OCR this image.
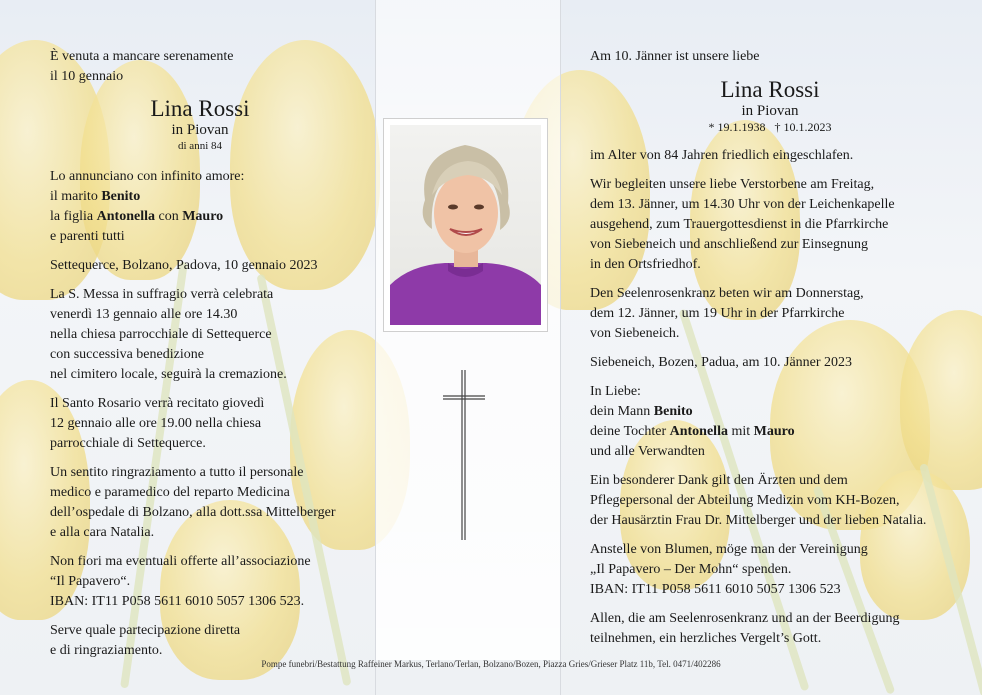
È venuta a mancare serenamente
il 10 gennaio
Lina Rossi
in Piovan
di anni 84

Lo annunciano con infinito amore:
il marito Benito
la figlia Antonella con Mauro
e parenti tutti

Settequerce, Bolzano, Padova, 10 gennaio 2023

La S. Messa in suffragio verrà celebrata
venerdì 13 gennaio alle ore 14.30
nella chiesa parrocchiale di Settequerce
con successiva benedizione
nel cimitero locale, seguirà la cremazione.

Il Santo Rosario verrà recitato giovedì
12 gennaio alle ore 19.00 nella chiesa
parrocchiale di Settequerce.

Un sentito ringraziamento a tutto il personale
medico e paramedico del reparto Medicina
dell’ospedale di Bolzano, alla dott.ssa Mittelberger
e alla cara Natalia.

Non fiori ma eventuali offerte all’associazione
“Il Papavero“.
IBAN: IT11 P058 5611 6010 5057 1306 523.

Serve quale partecipazione diretta
e di ringraziamento.

Am 10. Jänner ist unsere liebe
Lina Rossi
in Piovan
* 19.1.1938   † 10.1.2023

im Alter von 84 Jahren friedlich eingeschlafen.

Wir begleiten unsere liebe Verstorbene am Freitag,
dem 13. Jänner, um 14.30 Uhr von der Leichenkapelle
ausgehend, zum Trauergottesdienst in die Pfarrkirche
von Siebeneich und anschließend zur Einsegnung
in den Ortsfriedhof.

Den Seelenrosenkranz beten wir am Donnerstag,
dem 12. Jänner, um 19 Uhr in der Pfarrkirche
von Siebeneich.

Siebeneich, Bozen, Padua, am 10. Jänner 2023

In Liebe:
dein Mann Benito
deine Tochter Antonella mit Mauro
und alle Verwandten

Ein besonderer Dank gilt den Ärzten und dem
Pflegepersonal der Abteilung Medizin vom KH-Bozen,
der Hausärztin Frau Dr. Mittelberger und der lieben Natalia.

Anstelle von Blumen, möge man der Vereinigung
„Il Papavero – Der Mohn“ spenden.
IBAN: IT11 P058 5611 6010 5057 1306 523

Allen, die am Seelenrosenkranz und an der Beerdigung
teilnehmen, ein herzliches Vergelt’s Gott.

Pompe funebri/Bestattung Raffeiner Markus, Terlano/Terlan, Bolzano/Bozen, Piazza Gries/Grieser Platz 11b, Tel. 0471/402286
